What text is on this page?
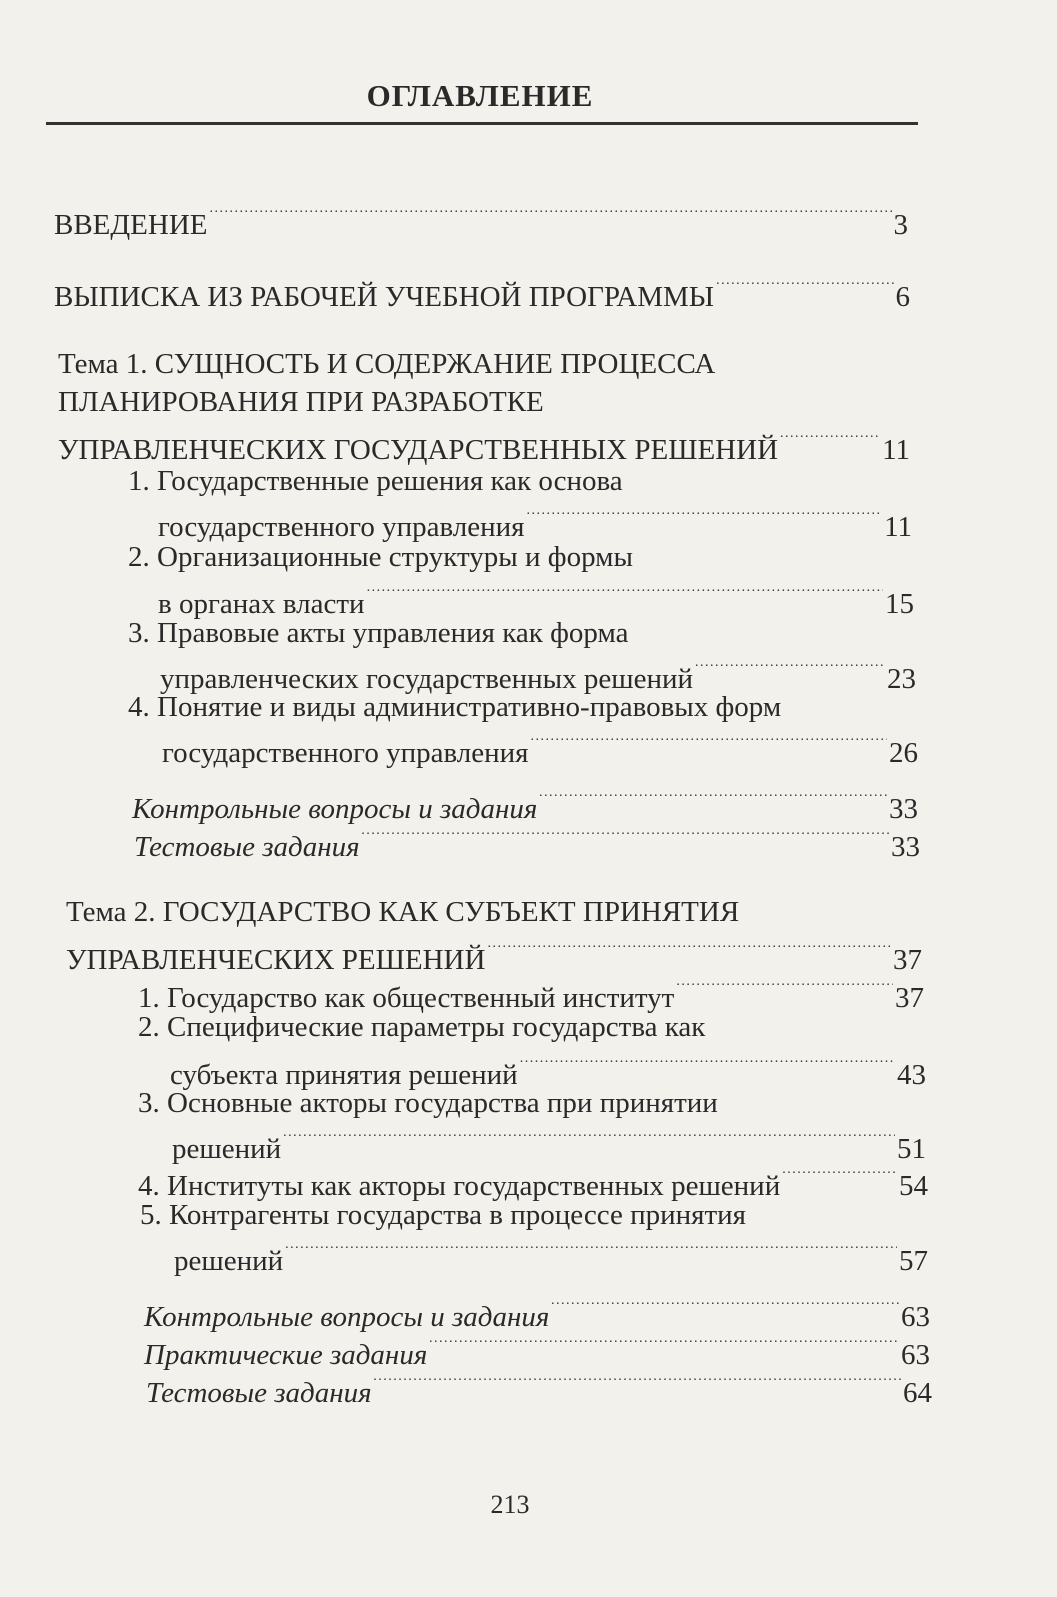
ОГЛАВЛЕНИЕ
ВВЕДЕНИЕ . . .	3
ВЫПИСКА ИЗ РАБОЧЕЙ УЧЕБНОЙ ПРОГРАММЫ . . .	6
Тема 1. СУЩНОСТЬ И СОДЕРЖАНИЕ ПРОЦЕССА
ПЛАНИРОВАНИЯ ПРИ РАЗРАБОТКЕ
УПРАВЛЕНЧЕСКИХ ГОСУДАРСТВЕННЫХ РЕШЕНИЙ . . .	11
1. Государственные решения как основа
государственного управления . . .	11
2. Организационные структуры и формы
в органах власти . . .	15
3. Правовые акты управления как форма
управленческих государственных решений . . .	23
4. Понятие и виды административно-правовых форм
государственного управления . . .	26
Контрольные вопросы и задания . . .	33
Тестовые задания . . .	33
Тема 2. ГОСУДАРСТВО КАК СУБЪЕКТ ПРИНЯТИЯ
УПРАВЛЕНЧЕСКИХ РЕШЕНИЙ . . .	37
1. Государство как общественный институт . . .	37
2. Специфические параметры государства как
субъекта принятия решений . . .	43
3. Основные акторы государства при принятии
решений . . .	51
4. Институты как акторы государственных решений . . .	54
5. Контрагенты государства в процессе принятия
решений . . .	57
Контрольные вопросы и задания . . .	63
Практические задания . . .	63
Тестовые задания . . .	64
213
